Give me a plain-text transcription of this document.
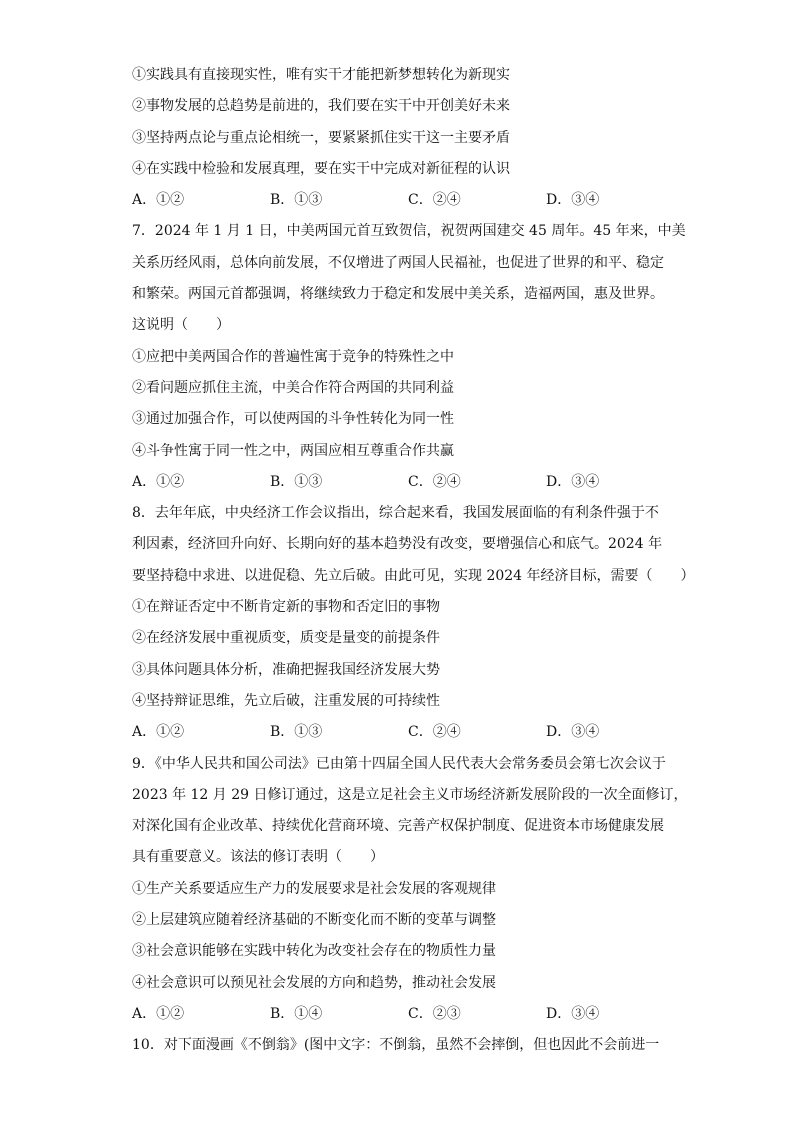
①实践具有直接现实性，唯有实干才能把新梦想转化为新现实
②事物发展的总趋势是前进的，我们要在实干中开创美好未来
③坚持两点论与重点论相统一，要紧紧抓住实干这一主要矛盾
④在实践中检验和发展真理，要在实干中完成对新征程的认识
A．①②	B．①③	C．②④	D．③④
7．2024 年 1 月 1 日，中美两国元首互致贺信，祝贺两国建交 45 周年。45 年来，中美
关系历经风雨，总体向前发展，不仅增进了两国人民福祉，也促进了世界的和平、稳定
和繁荣。两国元首都强调，将继续致力于稳定和发展中美关系，造福两国，惠及世界。
这说明（　　）
①应把中美两国合作的普遍性寓于竞争的特殊性之中
②看问题应抓住主流，中美合作符合两国的共同利益
③通过加强合作，可以使两国的斗争性转化为同一性
④斗争性寓于同一性之中，两国应相互尊重合作共赢
A．①②	B．①③	C．②④	D．③④
8．去年年底，中央经济工作会议指出，综合起来看，我国发展面临的有利条件强于不
利因素，经济回升向好、长期向好的基本趋势没有改变，要增强信心和底气。2024 年
要坚持稳中求进、以进促稳、先立后破。由此可见，实现 2024 年经济目标，需要（　　）
①在辩证否定中不断肯定新的事物和否定旧的事物
②在经济发展中重视质变，质变是量变的前提条件
③具体问题具体分析，准确把握我国经济发展大势
④坚持辩证思维，先立后破，注重发展的可持续性
A．①②	B．①③	C．②④	D．③④
9．《中华人民共和国公司法》已由第十四届全国人民代表大会常务委员会第七次会议于
2023 年 12 月 29 日修订通过，这是立足社会主义市场经济新发展阶段的一次全面修订，
对深化国有企业改革、持续优化营商环境、完善产权保护制度、促进资本市场健康发展
具有重要意义。该法的修订表明（　　）
①生产关系要适应生产力的发展要求是社会发展的客观规律
②上层建筑应随着经济基础的不断变化而不断的变革与调整
③社会意识能够在实践中转化为改变社会存在的物质性力量
④社会意识可以预见社会发展的方向和趋势，推动社会发展
A．①②	B．①④	C．②③	D．③④
10．对下面漫画《不倒翁》(图中文字：不倒翁，虽然不会摔倒，但也因此不会前进一
